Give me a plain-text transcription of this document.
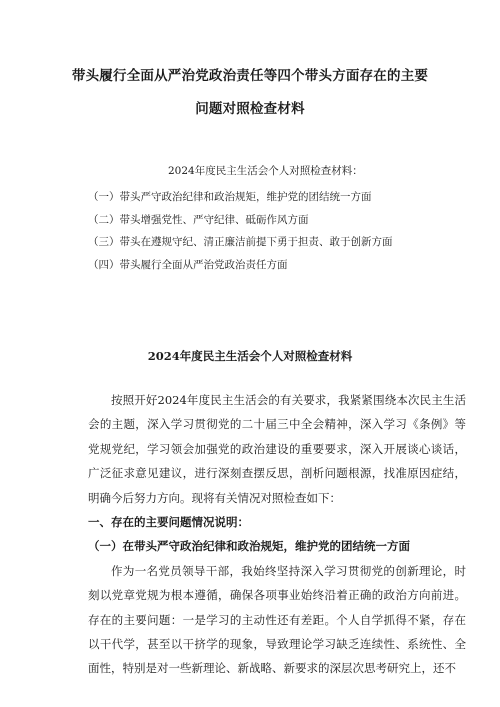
带头履行全面从严治党政治责任等四个带头方面存在的主要
问题对照检查材料
2024年度民主生活会个人对照检查材料：
（一）带头严守政治纪律和政治规矩，维护党的团结统一方面
（二）带头增强党性、严守纪律、砥砺作风方面
（三）带头在遵规守纪、清正廉洁前提下勇于担责、敢于创新方面
（四）带头履行全面从严治党政治责任方面
2024年度民主生活会个人对照检查材料

按照开好2024年度民主生活会的有关要求，我紧紧围绕本次民主生活会的主题，深入学习贯彻党的二十届三中全会精神，深入学习《条例》等党规党纪，学习领会加强党的政治建设的重要要求，深入开展谈心谈话，广泛征求意见建议，进行深刻查摆反思，剖析问题根源，找准原因症结，明确今后努力方向。现将有关情况对照检查如下：

一、存在的主要问题情况说明：

（一）在带头严守政治纪律和政治规矩，维护党的团结统一方面

作为一名党员领导干部，我始终坚持深入学习贯彻党的创新理论，时刻以党章党规为根本遵循，确保各项事业始终沿着正确的政治方向前进。存在的主要问题：一是学习的主动性还有差距。个人自学抓得不紧，存在以干代学，甚至以干挤学的现象，导致理论学习缺乏连续性、系统性、全面性，特别是对一些新理论、新战略、新要求的深层次思考研究上，还不
